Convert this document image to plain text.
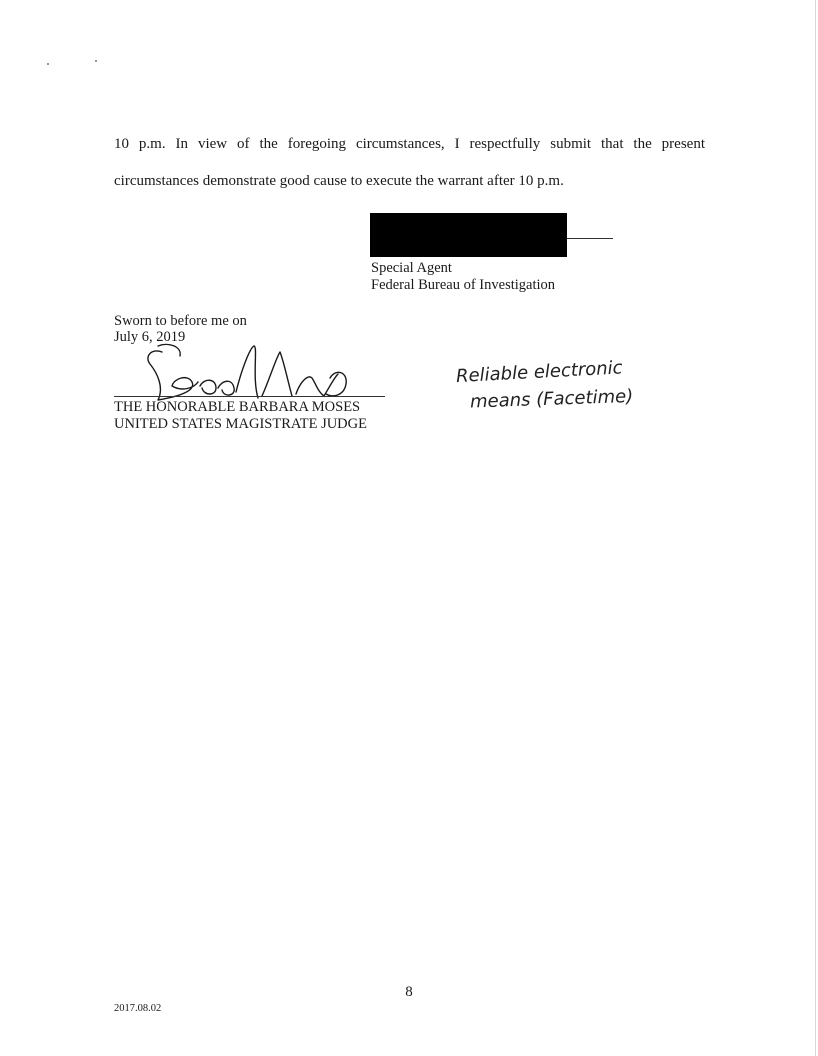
10 p.m. In view of the foregoing circumstances, I respectfully submit that the present

circumstances demonstrate good cause to execute the warrant after 10 p.m.

Special Agent
Federal Bureau of Investigation
Sworn to before me on
July 6, 2019
THE HONORABLE BARBARA MOSES
UNITED STATES MAGISTRATE JUDGE
Reliable electronic
means (Facetime)
8
2017.08.02
